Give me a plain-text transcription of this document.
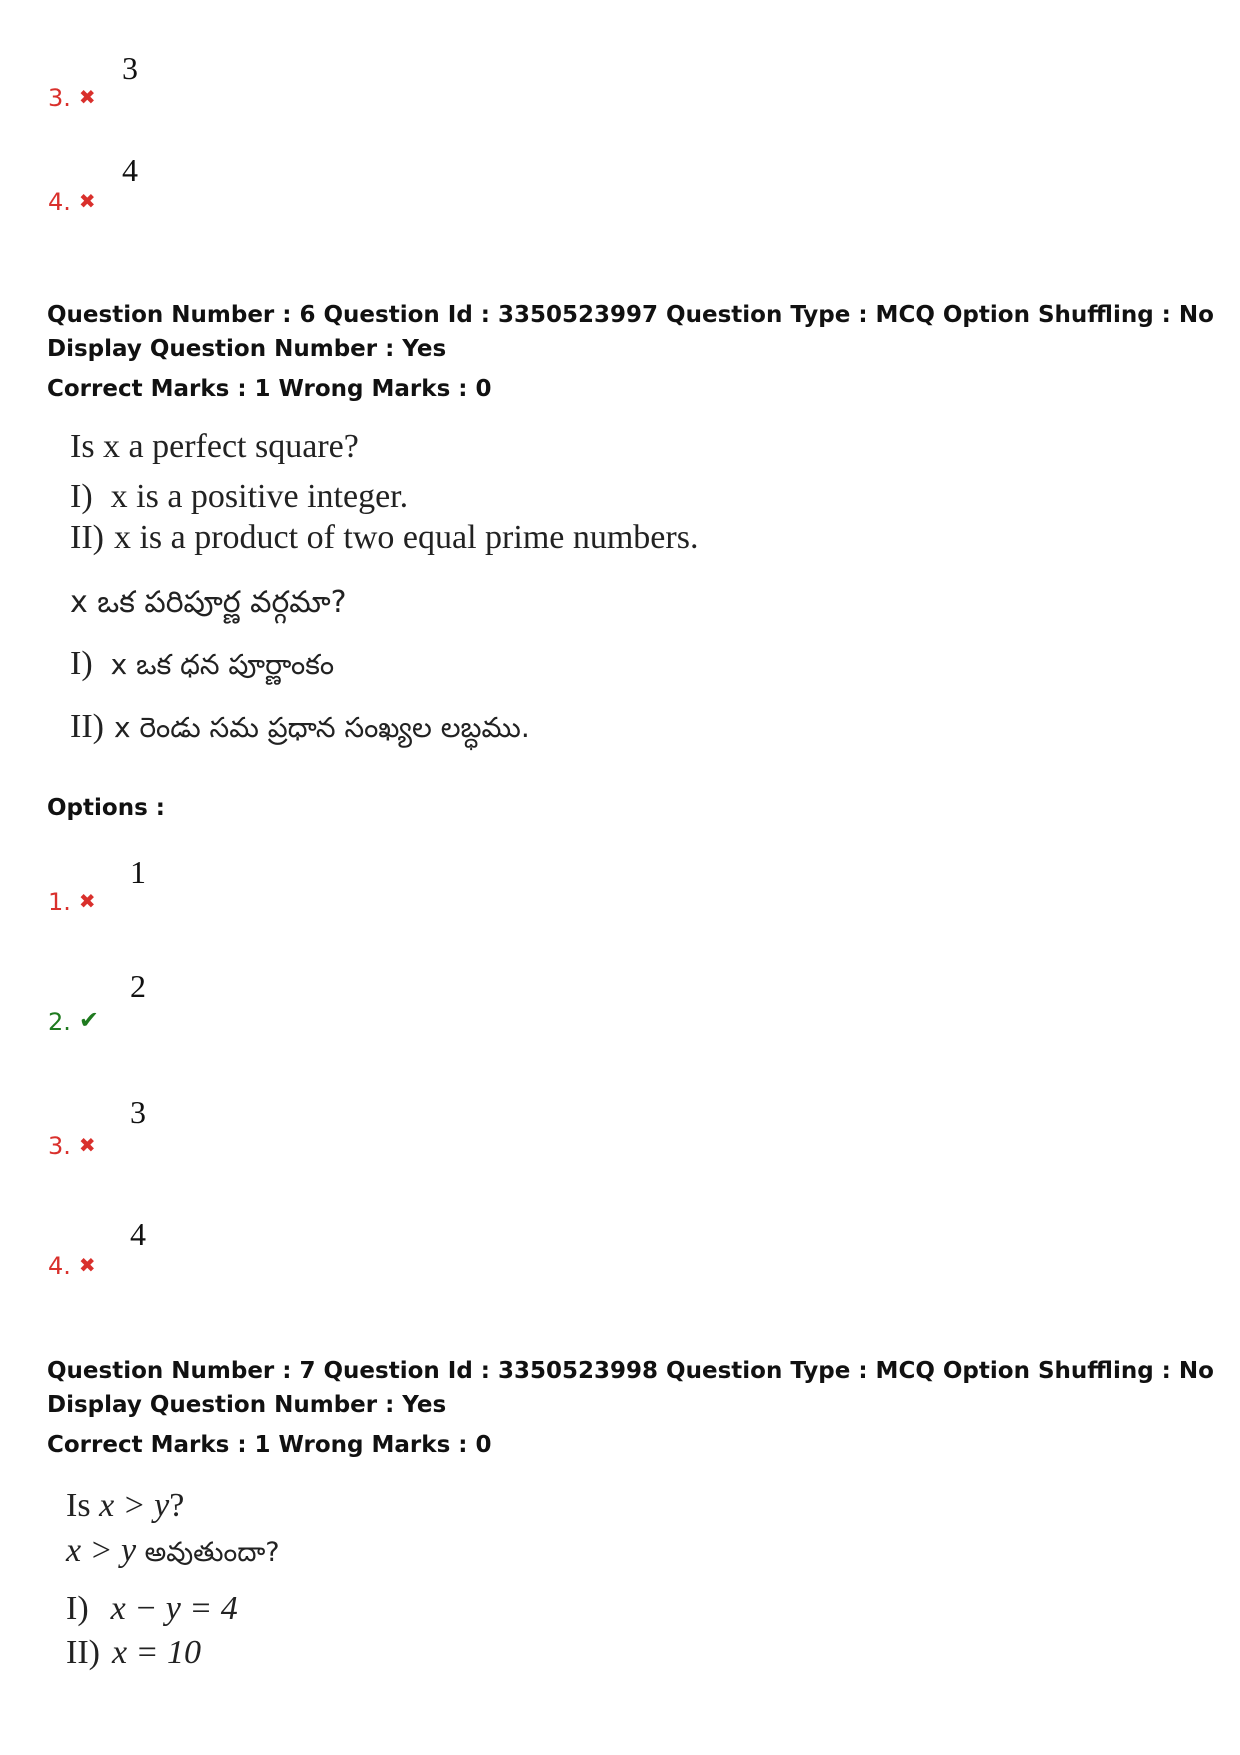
3
3. ✖
4
4. ✖
Question Number : 6 Question Id : 3350523997 Question Type : MCQ Option Shuffling : No
Display Question Number : Yes
Correct Marks : 1 Wrong Marks : 0
Is x a perfect square?
I) x is a positive integer.
II) x is a product of two equal prime numbers.
x ఒక పరిపూర్ణ వర్గమా?
I) x ఒక ధన పూర్ణాంకం
II) x రెండు సమ ప్రధాన సంఖ్యల లబ్ధము.
Options :
1
1. ✖
2
2. ✔
3
3. ✖
4
4. ✖
Question Number : 7 Question Id : 3350523998 Question Type : MCQ Option Shuffling : No
Display Question Number : Yes
Correct Marks : 1 Wrong Marks : 0
Is x > y?
x > y అవుతుందా?
I) x − y = 4
II) x = 10
